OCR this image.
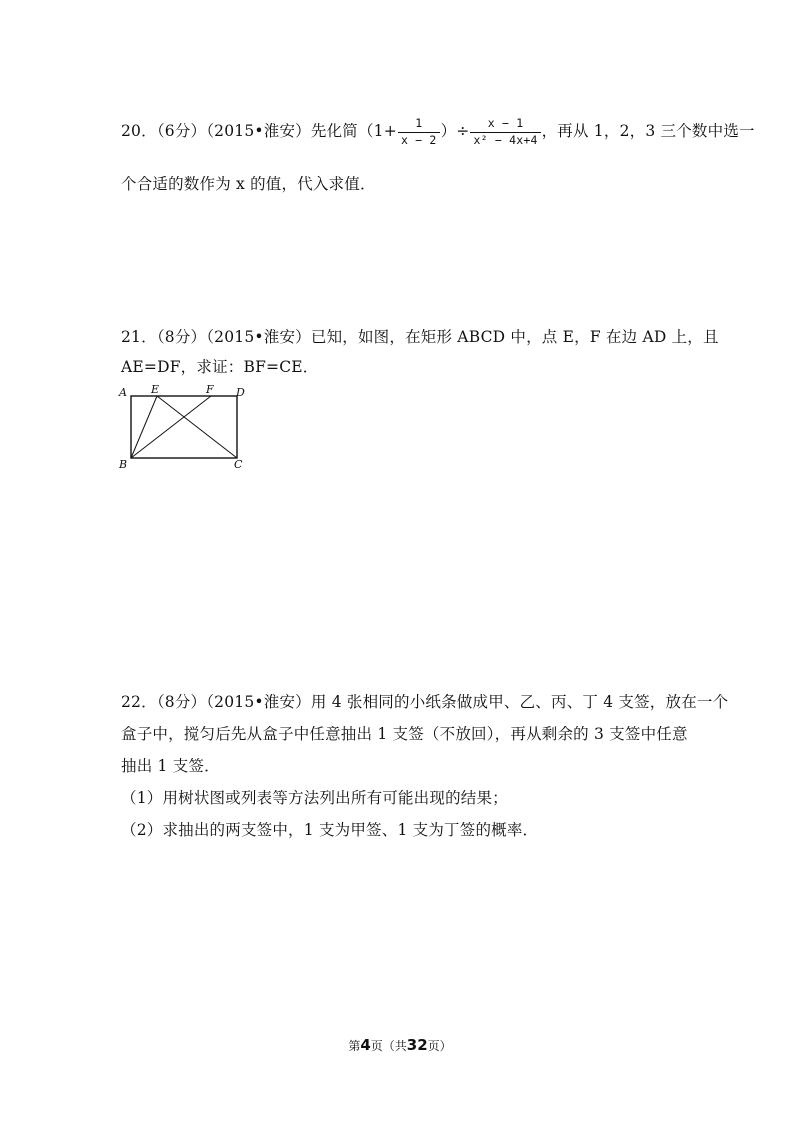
20．（6分）（2015•淮安）先化简（$1+ \frac{1}{x - 2}$ ）÷ $\frac{x - 1}{\text{x² − 4x+4}}$ ，再从 1，2，3 三个数中选一
个合适的数作为 x 的值，代入求值．
21．（8分）（2015•淮安）已知，如图，在矩形 ABCD 中，点 E，F 在边 AD 上，且
AE=DF，求证：BF=CE．
A E	F D
B	C
22．（8分）（2015•淮安）用 4 张相同的小纸条做成甲、乙、丙、丁 4 支签，放在一个
盒子中，搅匀后先从盒子中任意抽出 1 支签（不放回），再从剩余的 3 支签中任意
抽出 1 支签．
（1）用树状图或列表等方法列出所有可能出现的结果；
（2）求抽出的两支签中，1 支为甲签、1 支为丁签的概率．
第4页（共32页）
